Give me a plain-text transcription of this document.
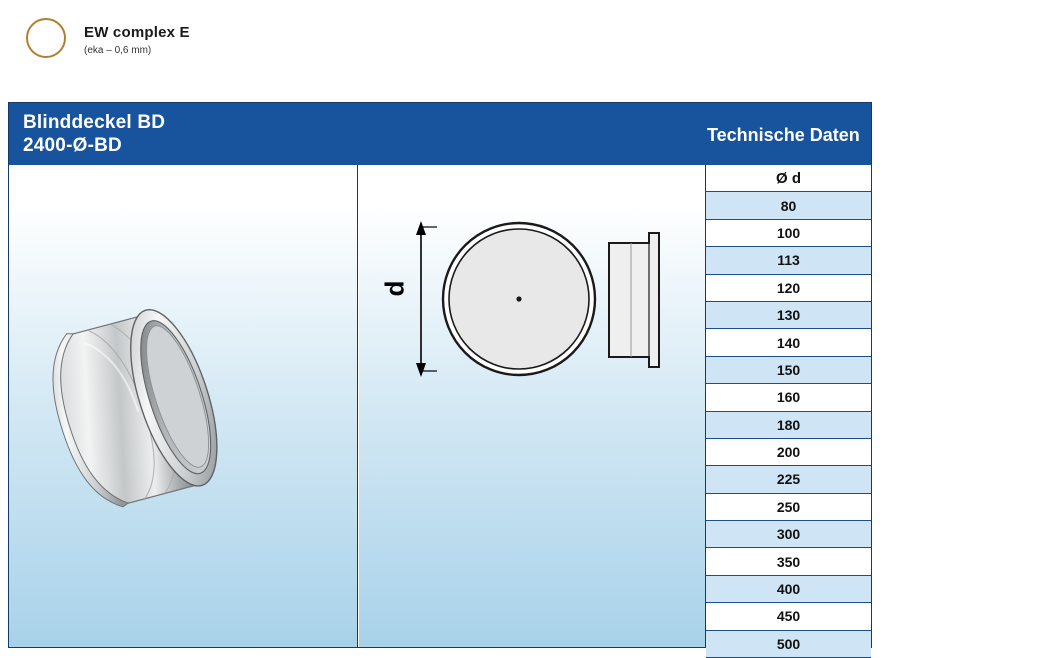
EW complex E
(eka – 0,6 mm)
Blinddeckel BD
2400-Ø-BD	Technische Daten
d
Ø d
80
100
113
120
130
140
150
160
180
200
225
250
300
350
400
450
500
